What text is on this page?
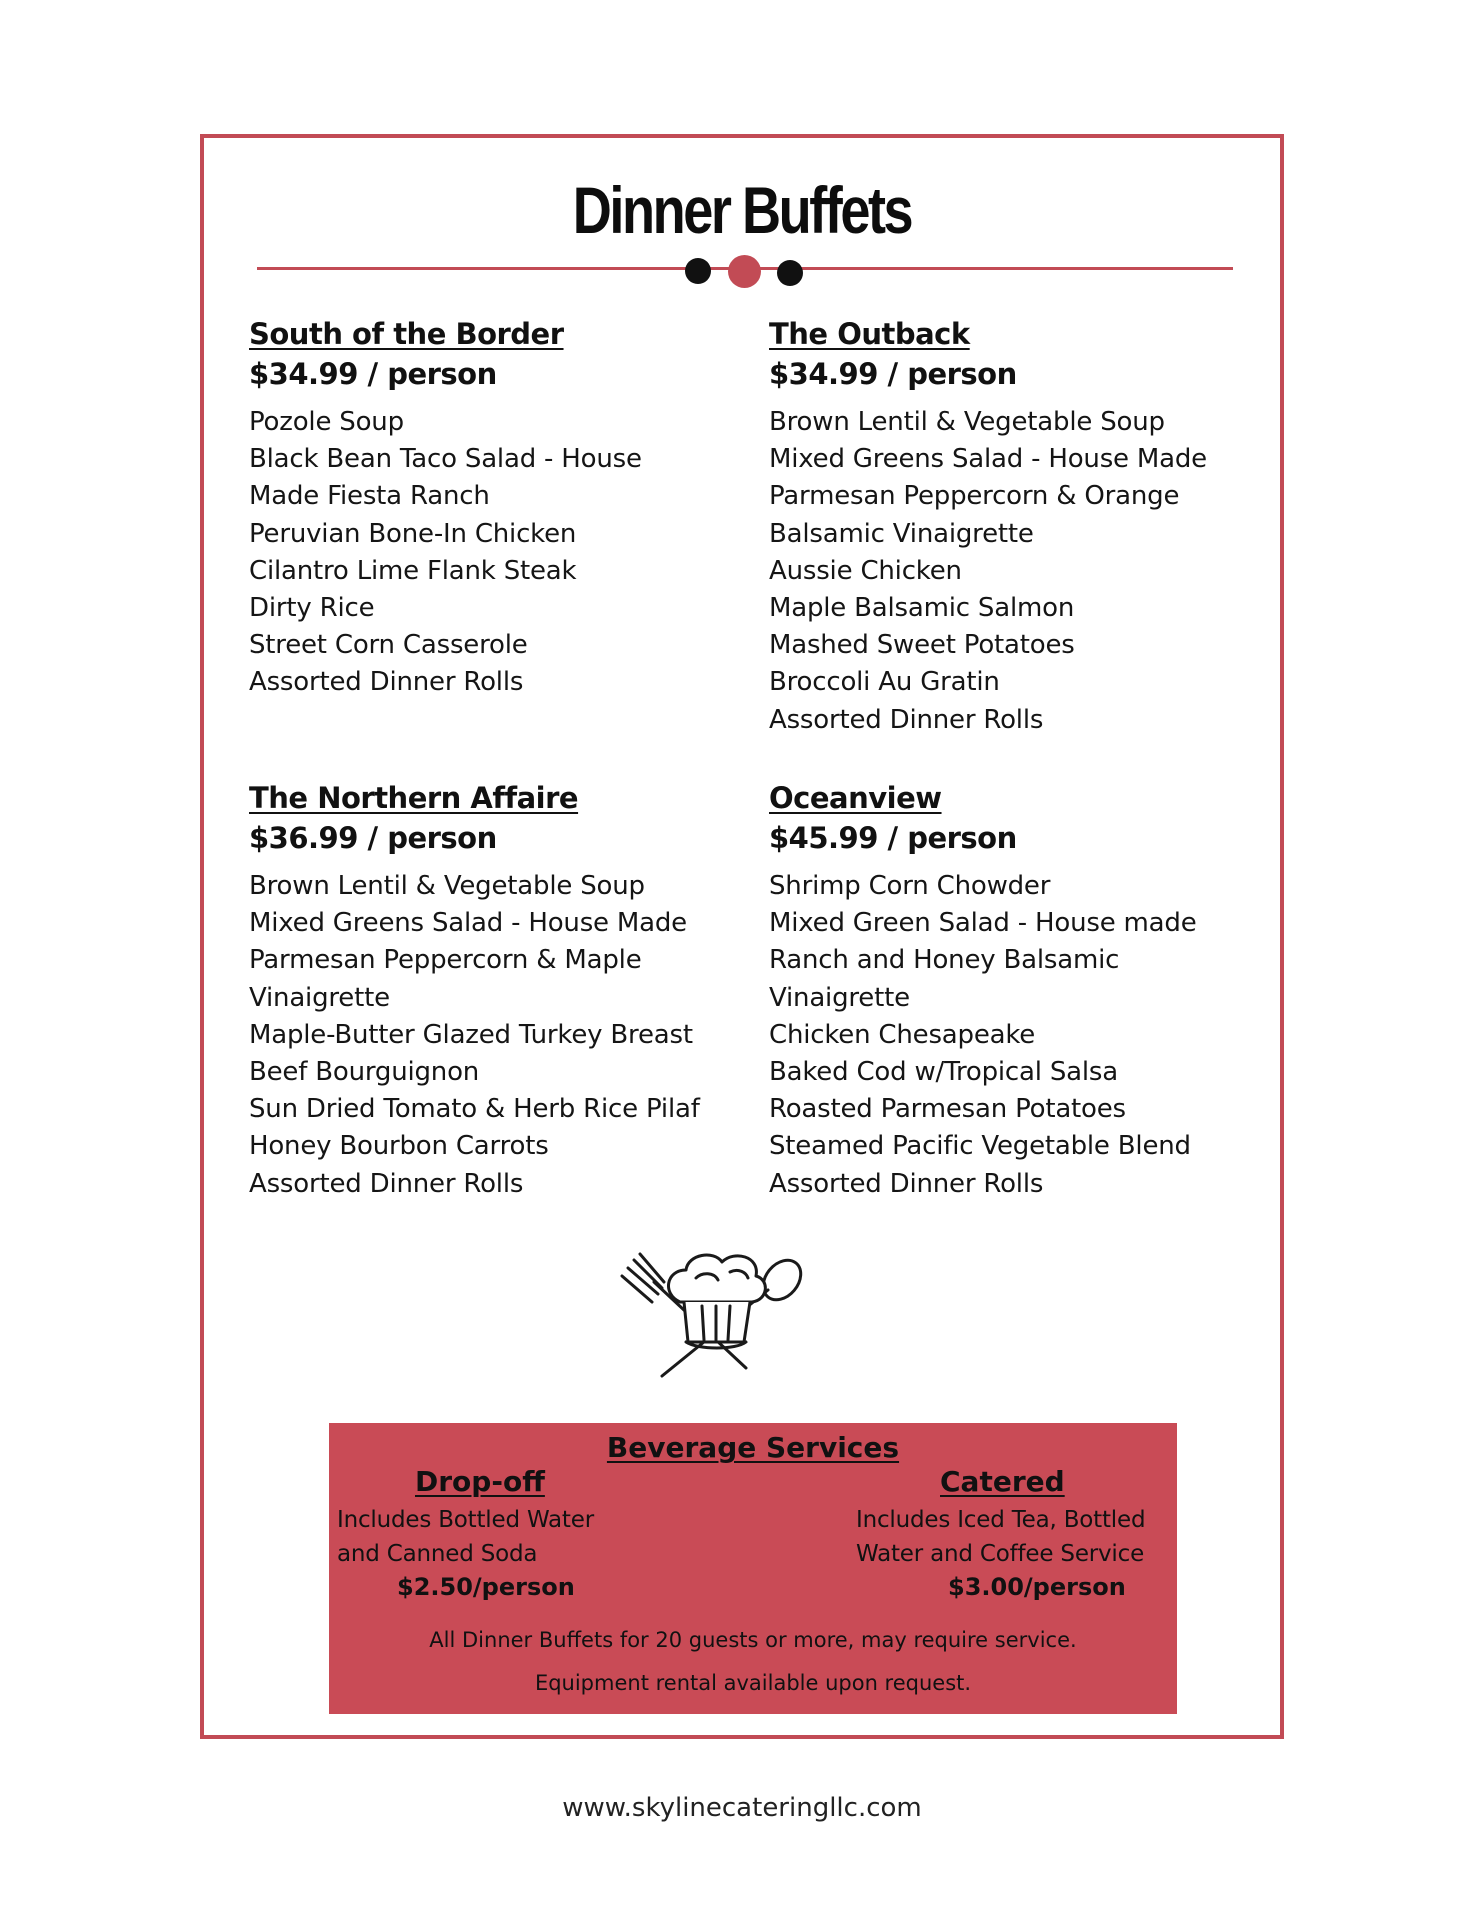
Dinner Buffets
South of the Border
$34.99 / person
Pozole Soup
Black Bean Taco Salad - House
Made Fiesta Ranch
Peruvian Bone-In Chicken
Cilantro Lime Flank Steak
Dirty Rice
Street Corn Casserole
Assorted Dinner Rolls
The Outback
$34.99 / person
Brown Lentil & Vegetable Soup
Mixed Greens Salad - House Made
Parmesan Peppercorn & Orange
Balsamic Vinaigrette
Aussie Chicken
Maple Balsamic Salmon
Mashed Sweet Potatoes
Broccoli Au Gratin
Assorted Dinner Rolls
The Northern Affaire
$36.99 / person
Brown Lentil & Vegetable Soup
Mixed Greens Salad - House Made
Parmesan Peppercorn & Maple
Vinaigrette
Maple-Butter Glazed Turkey Breast
Beef Bourguignon
Sun Dried Tomato & Herb Rice Pilaf
Honey Bourbon Carrots
Assorted Dinner Rolls
Oceanview
$45.99 / person
Shrimp Corn Chowder
Mixed Green Salad - House made
Ranch and Honey Balsamic
Vinaigrette
Chicken Chesapeake
Baked Cod w/Tropical Salsa
Roasted Parmesan Potatoes
Steamed Pacific Vegetable Blend
Assorted Dinner Rolls
Beverage Services
Drop-off	Catered
Includes Bottled Water
and Canned Soda
Includes Iced Tea, Bottled
Water and Coffee Service
$2.50/person	$3.00/person
All Dinner Buffets for 20 guests or more, may require service.
Equipment rental available upon request.
www.skylinecateringllc.com
